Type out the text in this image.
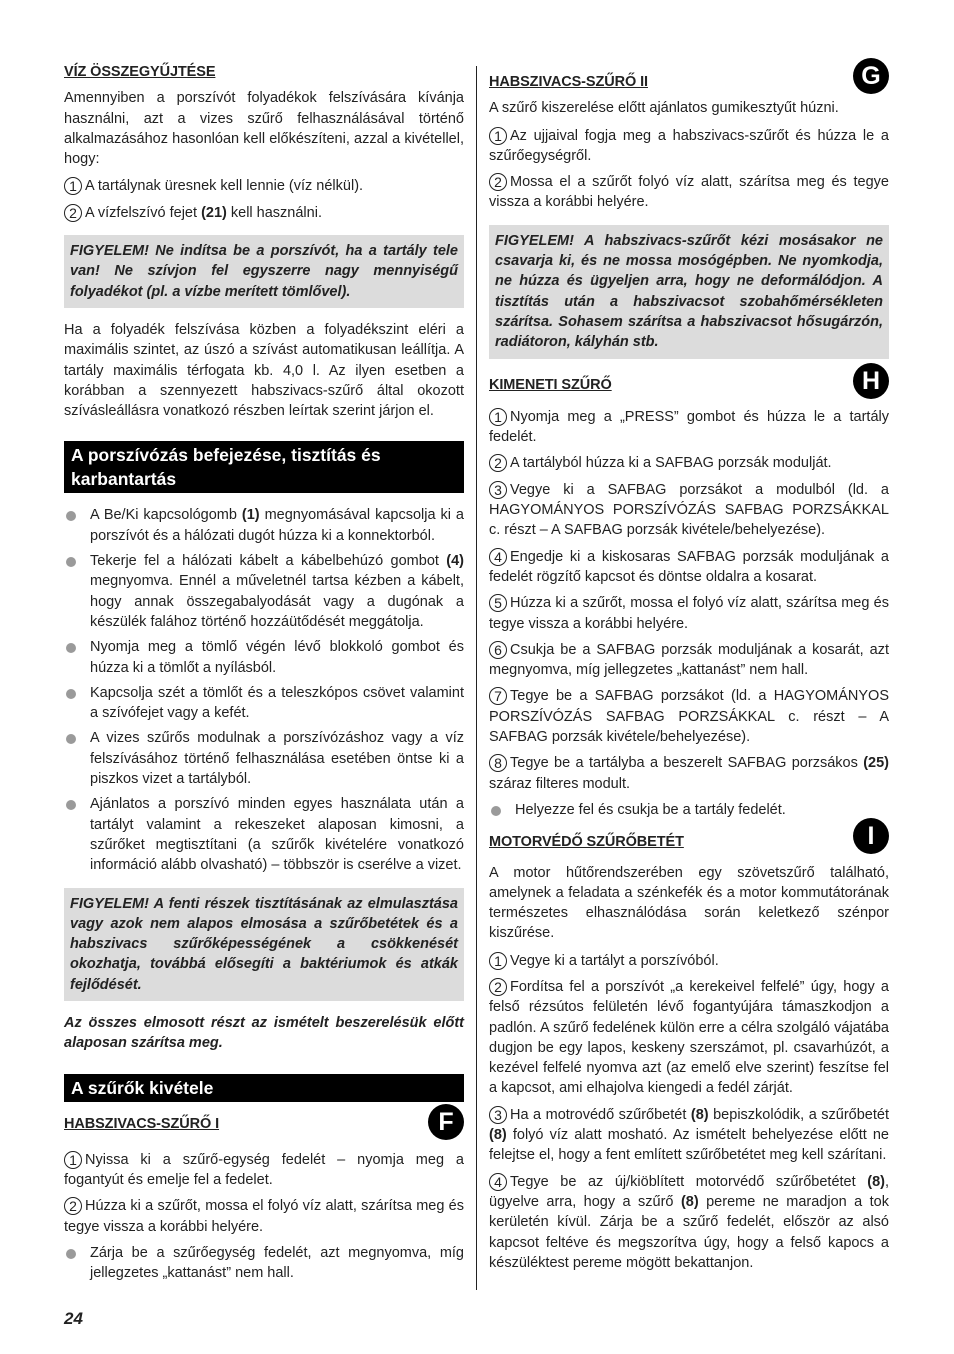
VÍZ ÖSSZEGYŰJTÉSE

Amennyiben a porszívót folyadékok felszívására kívánja használni, azt a vizes szűrő felhasználásával történő alkalmazásához hasonlóan kell előkészíteni, azzal a kivétellel, hogy:

1 A tartálynak üresnek kell lennie (víz nélkül).
2 A vízfelszívó fejet (21) kell használni.
FIGYELEM! Ne indítsa be a porszívót, ha a tartály tele van! Ne szívjon fel egyszerre nagy mennyiségű folyadékot (pl. a vízbe merített tömlővel).

Ha a folyadék felszívása közben a folyadékszint eléri a maximális szintet, az úszó a szívást automatikusan leállítja. A tartály maximális térfogata kb. 4,0 l. Az ilyen esetben a korábban a szennyezett habszivacs-szűrő által okozott szívásleállásra vonatkozó részben leírtak szerint járjon el.

A porszívózás befejezése, tisztítás és karbantartás
A Be/Ki kapcsológomb (1) megnyomásával kapcsolja ki a porszívót és a hálózati dugót húzza ki a konnektorból.
Tekerje fel a hálózati kábelt a kábelbehúzó gombot (4) megnyomva. Ennél a műveletnél tartsa kézben a kábelt, hogy annak összegabalyodását vagy a dugónak a készülék falához történő hozzáütődését meggátolja.
Nyomja meg a tömlő végén lévő blokkoló gombot és húzza ki a tömlőt a nyílásból.
Kapcsolja szét a tömlőt és a teleszkópos csövet valamint a szívófejet vagy a kefét.
A vizes szűrős modulnak a porszívózáshoz vagy a víz felszívásához történő felhasználása esetében öntse ki a piszkos vizet a tartályból.
Ajánlatos a porszívó minden egyes használata után a tartályt valamint a rekeszeket alaposan kimosni, a szűrőket megtisztítani (a szűrők kivételére vonatkozó információ alább olvasható) – többször is cserélve a vizet.
FIGYELEM! A fenti részek tisztításának az elmulasztása vagy azok nem alapos elmosása a szűrőbetétek és a habszivacs szűrőképességének a csökkenését okozhatja, továbbá elősegíti a baktériumok és atkák fejlődését.
Az összes elmosott részt az ismételt beszerelésük előtt alaposan szárítsa meg.
A szűrők kivétele
HABSZIVACS-SZŰRŐ I	F
1 Nyissa ki a szűrő-egység fedelét – nyomja meg a fogantyút és emelje fel a fedelet.
2 Húzza ki a szűrőt, mossa el folyó víz alatt, szárítsa meg és tegye vissza a korábbi helyére.
Zárja be a szűrőegység fedelét, azt megnyomva, míg jellegzetes „kattanást” nem hall.
HABSZIVACS-SZŰRŐ II	G

A szűrő kiszerelése előtt ajánlatos gumikesztyűt húzni.

1 Az ujjaival fogja meg a habszivacs-szűrőt és húzza le a szűrőegységről.
2 Mossa el a szűrőt folyó víz alatt, szárítsa meg és tegye vissza a korábbi helyére.
FIGYELEM! A habszivacs-szűrőt kézi mosásakor ne csavarja ki, és ne mossa mosógépben. Ne nyomkodja, ne húzza és ügyeljen arra, hogy ne deformálódjon. A tisztítás után a habszivacsot szobahőmérsékleten szárítsa. Sohasem szárítsa a habszivacsot hősugárzón, radiátoron, kályhán stb.
KIMENETI SZŰRŐ	H
1 Nyomja meg a „PRESS” gombot és húzza le a tartály fedelét.
2 A tartályból húzza ki a SAFBAG porzsák modulját.
3 Vegye ki a SAFBAG porzsákot a modulból (ld. a HAGYOMÁNYOS PORSZÍVÓZÁS SAFBAG PORZSÁKKAL c. részt – A SAFBAG porzsák kivétele/behelyezése).
4 Engedje ki a kiskosaras SAFBAG porzsák moduljának a fedelét rögzítő kapcsot és döntse oldalra a kosarat.
5 Húzza ki a szűrőt, mossa el folyó víz alatt, szárítsa meg és tegye vissza a korábbi helyére.
6 Csukja be a SAFBAG porzsák moduljának a kosarát, azt megnyomva, míg jellegzetes „kattanást” nem hall.
7 Tegye be a SAFBAG porzsákot (ld. a HAGYOMÁNYOS PORSZÍVÓZÁS SAFBAG PORZSÁKKAL c. részt – A SAFBAG porzsák kivétele/behelyezése).
8 Tegye be a tartályba a beszerelt SAFBAG porzsákos (25) száraz filteres modult.
Helyezze fel és csukja be a tartály fedelét.
MOTORVÉDŐ SZŰRŐBETÉT	I

A motor hűtőrendszerében egy szövetszűrő található, amelynek a feladata a szénkefék és a motor kommutátorának természetes elhasználódása során keletkező szénpor kiszűrése.

1 Vegye ki a tartályt a porszívóból.
2 Fordítsa fel a porszívót „a kerekeivel felfelé” úgy, hogy a felső rézsútos felületén lévő fogantyújára támaszkodjon a padlón. A szűrő fedelének külön erre a célra szolgáló vájatába dugjon be egy lapos, keskeny szerszámot, pl. csavarhúzót, a kezével felfelé nyomva azt (az emelő elve szerint) feszítse fel a kapcsot, ami elhajolva kiengedi a fedél zárját.
3 Ha a motrovédő szűrőbetét (8) bepiszkolódik, a szűrőbetét (8) folyó víz alatt mosható. Az ismételt behelyezése előtt ne felejtse el, hogy a fent említett szűrőbetétet meg kell szárítani.
4 Tegye be az új/kiöblített motorvédő szűrőbetétet (8), ügyelve arra, hogy a szűrő (8) pereme ne maradjon a tok kerületén kívül. Zárja be a szűrő fedelét, először az alsó kapcsot feltéve és megszorítva úgy, hogy a felső kapocs a készüléktest pereme mögött bekattanjon.
24
